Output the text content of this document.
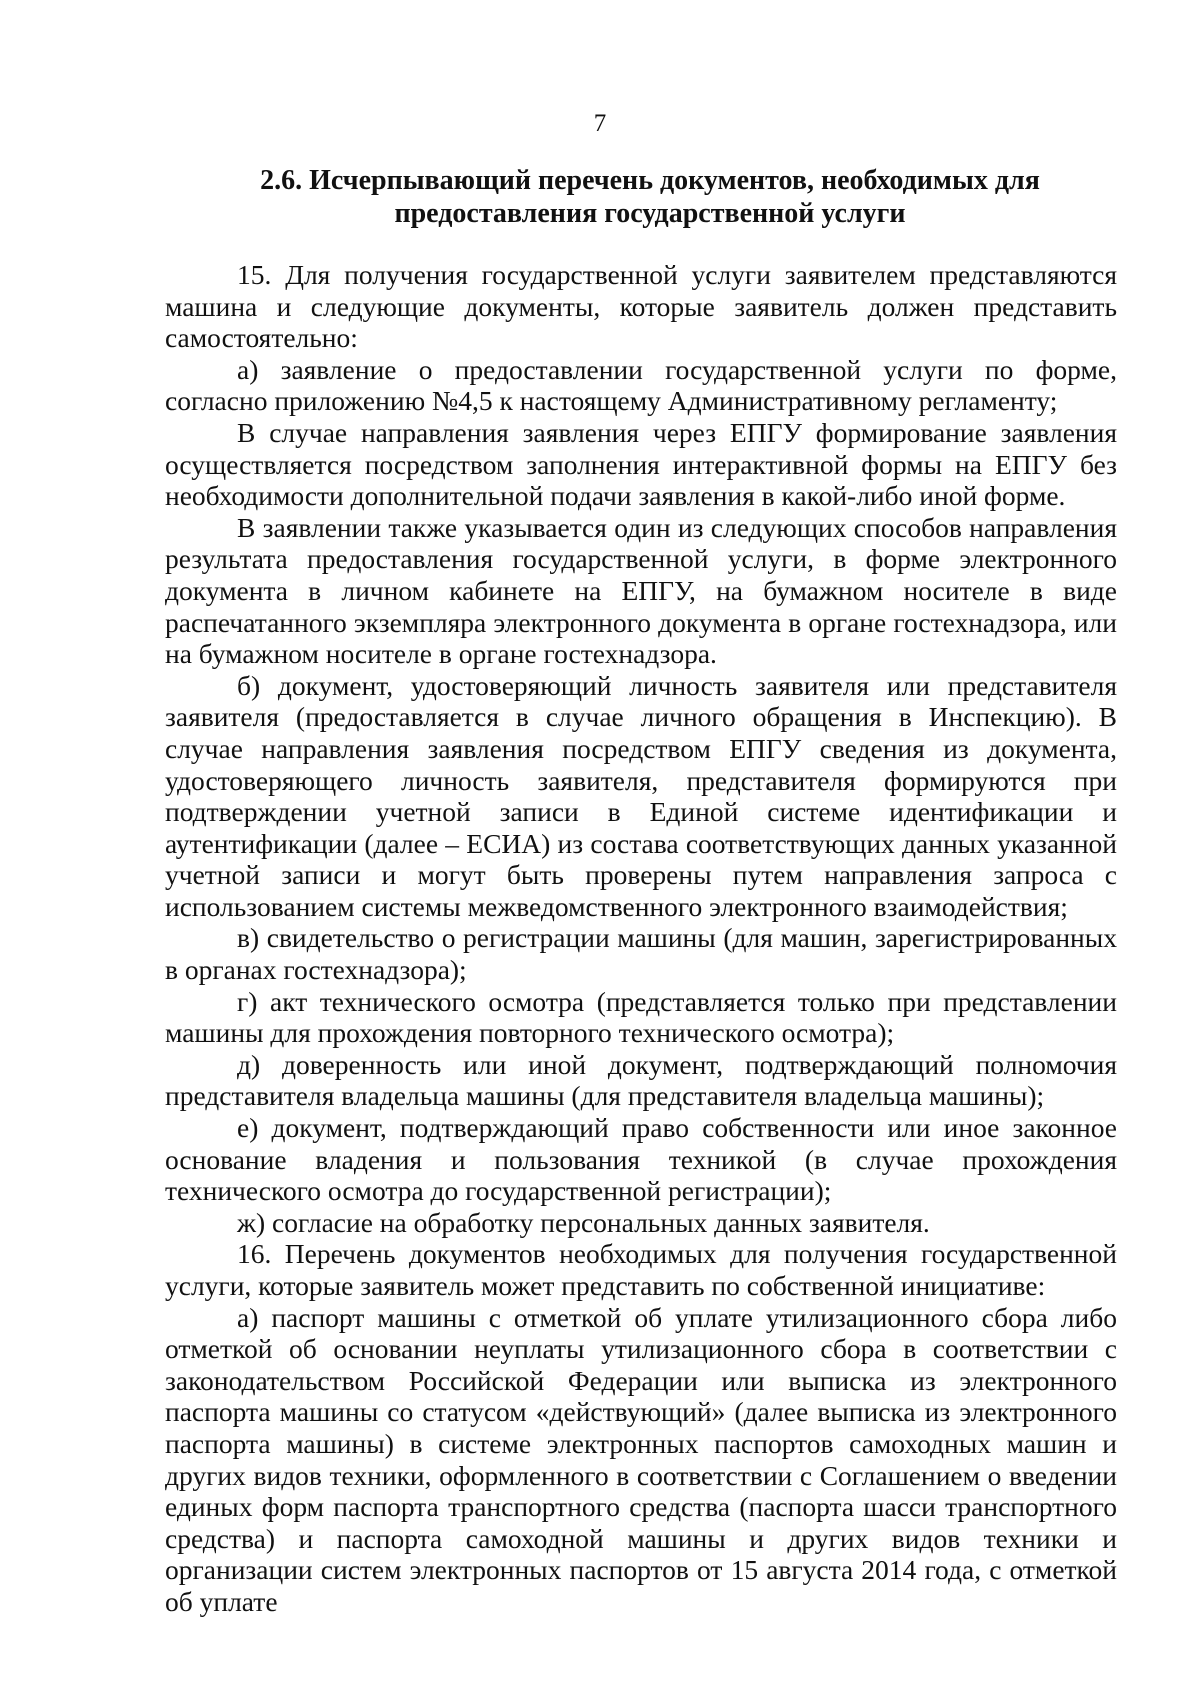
7
2.6. Исчерпывающий перечень документов, необходимых для
предоставления государственной услуги

15. Для получения государственной услуги заявителем представляются машина и следующие документы, которые заявитель должен представить самостоятельно:

а) заявление о предоставлении государственной услуги по форме, согласно приложению №4,5 к настоящему Административному регламенту;

В случае направления заявления через ЕПГУ формирование заявления осуществляется посредством заполнения интерактивной формы на ЕПГУ без необходимости дополнительной подачи заявления в какой-либо иной форме.

В заявлении также указывается один из следующих способов направления результата предоставления государственной услуги, в форме электронного документа в личном кабинете на ЕПГУ, на бумажном носителе в виде распечатанного экземпляра электронного документа в органе гостехнадзора, или на бумажном носителе в органе гостехнадзора.

б) документ, удостоверяющий личность заявителя или представителя заявителя (предоставляется в случае личного обращения в Инспекцию). В случае направления заявления посредством ЕПГУ сведения из документа, удостоверяющего личность заявителя, представителя формируются при подтверждении учетной записи в Единой системе идентификации и аутентификации (далее – ЕСИА) из состава соответствующих данных указанной учетной записи и могут быть проверены путем направления запроса с использованием системы межведомственного электронного взаимодействия;

в) свидетельство о регистрации машины (для машин, зарегистрированных в органах гостехнадзора);

г) акт технического осмотра (представляется только при представлении машины для прохождения повторного технического осмотра);

д) доверенность или иной документ, подтверждающий полномочия представителя владельца машины (для представителя владельца машины);

е) документ, подтверждающий право собственности или иное законное основание владения и пользования техникой (в случае прохождения технического осмотра до государственной регистрации);

ж) согласие на обработку персональных данных заявителя.

16. Перечень документов необходимых для получения государственной услуги, которые заявитель может представить по собственной инициативе:

а) паспорт машины с отметкой об уплате утилизационного сбора либо отметкой об основании неуплаты утилизационного сбора в соответствии с законодательством Российской Федерации или выписка из электронного паспорта машины со статусом «действующий» (далее выписка из электронного паспорта машины) в системе электронных паспортов самоходных машин и других видов техники, оформленного в соответствии с Соглашением о введении единых форм паспорта транспортного средства (паспорта шасси транспортного средства) и паспорта самоходной машины и других видов техники и организации систем электронных паспортов от 15 августа 2014 года, с отметкой об уплате
